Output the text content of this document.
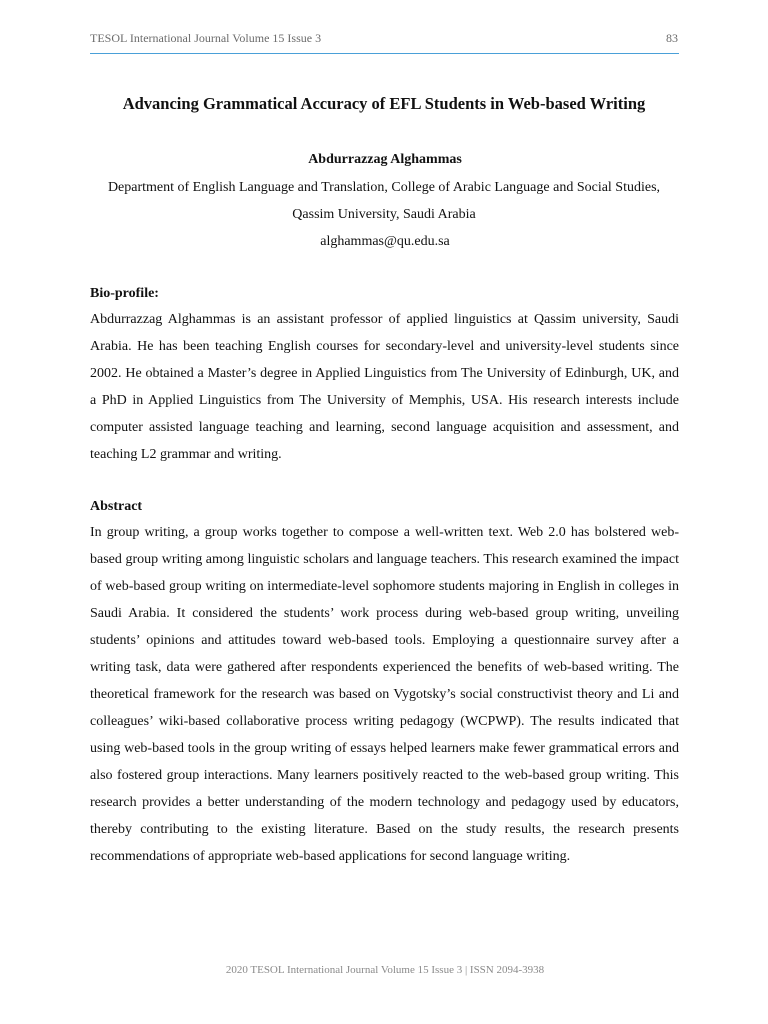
TESOL International Journal Volume 15 Issue 3	83
Advancing Grammatical Accuracy of EFL Students in Web-based Writing
Abdurrazzag Alghammas
Department of English Language and Translation, College of Arabic Language and Social Studies, Qassim University, Saudi Arabia
alghammas@qu.edu.sa
Bio-profile:

Abdurrazzag Alghammas is an assistant professor of applied linguistics at Qassim university, Saudi Arabia. He has been teaching English courses for secondary-level and university-level students since 2002. He obtained a Master’s degree in Applied Linguistics from The University of Edinburgh, UK, and a PhD in Applied Linguistics from The University of Memphis, USA. His research interests include computer assisted language teaching and learning, second language acquisition and assessment, and teaching L2 grammar and writing.

Abstract

In group writing, a group works together to compose a well-written text. Web 2.0 has bolstered web-based group writing among linguistic scholars and language teachers. This research examined the impact of web-based group writing on intermediate-level sophomore students majoring in English in colleges in Saudi Arabia. It considered the students’ work process during web-based group writing, unveiling students’ opinions and attitudes toward web-based tools. Employing a questionnaire survey after a writing task, data were gathered after respondents experienced the benefits of web-based writing. The theoretical framework for the research was based on Vygotsky’s social constructivist theory and Li and colleagues’ wiki-based collaborative process writing pedagogy (WCPWP). The results indicated that using web-based tools in the group writing of essays helped learners make fewer grammatical errors and also fostered group interactions. Many learners positively reacted to the web-based group writing. This research provides a better understanding of the modern technology and pedagogy used by educators, thereby contributing to the existing literature. Based on the study results, the research presents recommendations of appropriate web-based applications for second language writing.

2020 TESOL International Journal Volume 15 Issue 3 | ISSN 2094-3938
